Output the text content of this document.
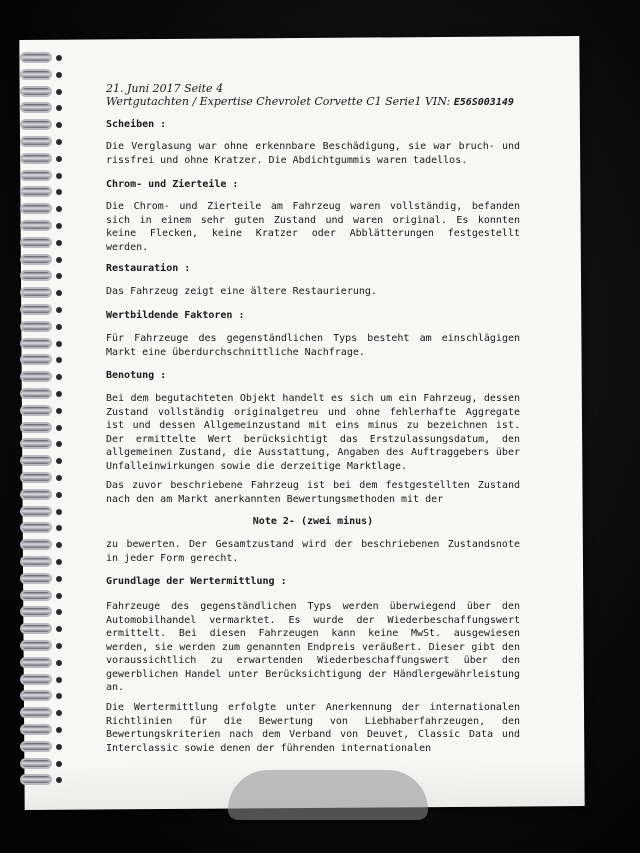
21. Juni 2017 Seite 4
Wertgutachten / Expertise Chevrolet Corvette C1 Serie1 VIN: E56S003149
Scheiben :

Die Verglasung war ohne erkennbare Beschädigung, sie war bruch- und rissfrei und ohne Kratzer. Die Abdichtgummis waren tadellos.

Chrom- und Zierteile :

Die Chrom- und Zierteile am Fahrzeug waren vollständig, befanden sich in einem sehr guten Zustand und waren original. Es konnten keine Flecken, keine Kratzer oder Abblätterungen festgestellt werden.

Restauration :

Das Fahrzeug zeigt eine ältere Restaurierung.

Wertbildende Faktoren :

Für Fahrzeuge des gegenständlichen Typs besteht am einschlägigen Markt eine überdurchschnittliche Nachfrage.

Benotung :

Bei dem begutachteten Objekt handelt es sich um ein Fahrzeug, dessen Zustand vollständig originalgetreu und ohne fehlerhafte Aggregate ist und dessen Allgemeinzustand mit eins minus zu bezeichnen ist. Der ermittelte Wert berücksichtigt das Erstzulassungsdatum, den allgemeinen Zustand, die Ausstattung, Angaben des Auftraggebers über Unfalleinwirkungen sowie die derzeitige Marktlage.

Das zuvor beschriebene Fahrzeug ist bei dem festgestellten Zustand nach den am Markt anerkannten Bewertungsmethoden mit der

Note 2- (zwei minus)

zu bewerten. Der Gesamtzustand wird der beschriebenen Zustandsnote in jeder Form gerecht.

Grundlage der Wertermittlung :

Fahrzeuge des gegenständlichen Typs werden überwiegend über den Automobilhandel vermarktet. Es wurde der Wiederbeschaffungswert ermittelt. Bei diesen Fahrzeugen kann keine MwSt. ausgewiesen werden, sie werden zum genannten Endpreis veräußert. Dieser gibt den voraussichtlich zu erwartenden Wiederbeschaffungswert über den gewerblichen Handel unter Berücksichtigung der Händlergewährleistung an.

Die Wertermittlung erfolgte unter Anerkennung der internationalen Richtlinien für die Bewertung von Liebhaberfahrzeugen, den Bewertungskriterien nach dem Verband von Deuvet, Classic Data und Interclassic sowie denen der führenden internationalen
